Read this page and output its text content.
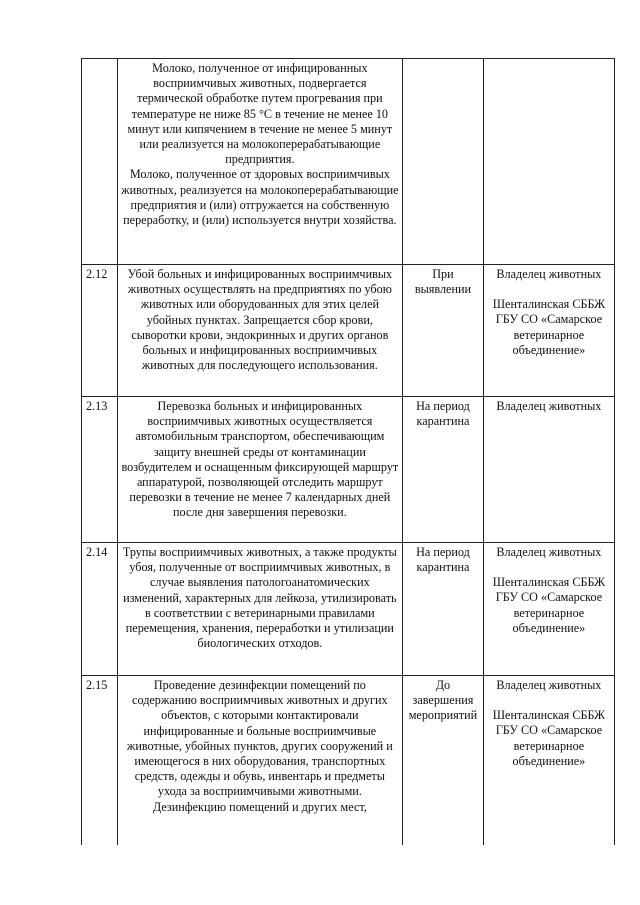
	Молоко, полученное от инфицированных восприимчивых животных, подвергается термической обработке путем прогревания при температуре не ниже 85 °С в течение не менее 10 минут или кипячением в течение не менее 5 минут или реализуется на молокоперерабатывающие предприятия.
Молоко, полученное от здоровых восприимчивых животных, реализуется на молокоперерабатывающие предприятия и (или) отгружается на собственную переработку, и (или) используется внутри хозяйства.		

2.12	Убой больных и инфицированных восприимчивых животных осуществлять на предприятиях по убою животных или оборудованных для этих целей убойных пунктах. Запрещается сбор крови, сыворотки крови, эндокринных и других органов больных и инфицированных восприимчивых животных для последующего использования.	При выявлении	Владелец животных
Шенталинская СББЖ ГБУ СО «Самарское ветеринарное объединение»

2.13	Перевозка больных и инфицированных восприимчивых животных осуществляется автомобильным транспортом, обеспечивающим защиту внешней среды от контаминации возбудителем и оснащенным фиксирующей маршрут аппаратурой, позволяющей отследить маршрут перевозки в течение не менее 7 календарных дней после дня завершения перевозки.	На период карантина	Владелец животных

2.14	Трупы восприимчивых животных, а также продукты убоя, полученные от восприимчивых животных, в случае выявления патологоанатомических изменений, характерных для лейкоза, утилизировать в соответствии с ветеринарными правилами перемещения, хранения, переработки и утилизации биологических отходов.	На период карантина	Владелец животных
Шенталинская СББЖ ГБУ СО «Самарское ветеринарное объединение»

2.15	Проведение дезинфекции помещений по содержанию восприимчивых животных и других объектов, с которыми контактировали инфицированные и больные восприимчивые животные, убойных пунктов, других сооружений и имеющегося в них оборудования, транспортных средств, одежды и обувь, инвентарь и предметы ухода за восприимчивыми животными.
Дезинфекцию помещений и других мест,	До завершения мероприятий	Владелец животных
Шенталинская СББЖ ГБУ СО «Самарское ветеринарное объединение»
